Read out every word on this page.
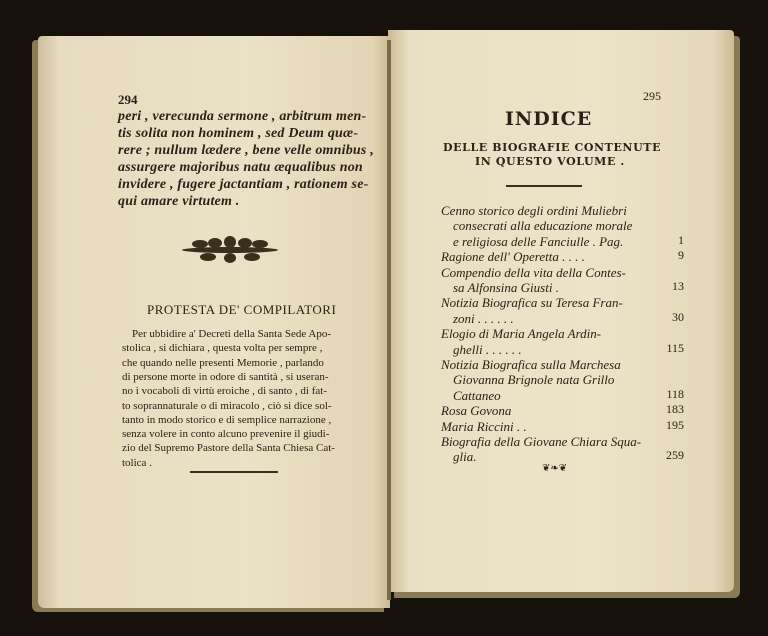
294
peri , verecunda sermone , arbitrum men-
tis solita non hominem , sed Deum quæ-
rere ; nullum lædere , bene velle omnibus ,
assurgere majoribus natu æqualibus non
invidere , fugere jactantiam , rationem se-
qui amare virtutem .
PROTESTA DE' COMPILATORI
Per ubbidire a' Decreti della Santa Sede Apo-
stolica , si dichiara , questa volta per sempre ,
che quando nelle presenti Memorie , parlando
di persone morte in odore di santità , si useran-
no i vocaboli di virtù eroiche , di santo , di fat-
to soprannaturale o di miracolo , ciò si dice sol-
tanto in modo storico e di semplice narrazione ,
senza volere in conto alcuno prevenire il giudi-
zio del Supremo Pastore della Santa Chiesa Cat-
tolica .
295
INDICE
DELLE BIOGRAFIE CONTENUTE
IN QUESTO VOLUME .
Cenno storico degli ordini Muliebri
consecrati alla educazione morale
e religiosa delle Fanciulle . Pag.	1
Ragione dell' Operetta . . . .	9
Compendio della vita della Contes-
sa Alfonsina Giusti .	13
Notizia Biografica su Teresa Fran-
zoni . . . . . .	30
Elogio di Maria Angela Ardin-
ghelli . . . . . .	115
Notizia Biografica sulla Marchesa
Giovanna Brignole nata Grillo
Cattaneo	118
Rosa Govona	183
Maria Riccini . .	195
Biografia della Giovane Chiara Squa-
glia.	259
❦❧❦
